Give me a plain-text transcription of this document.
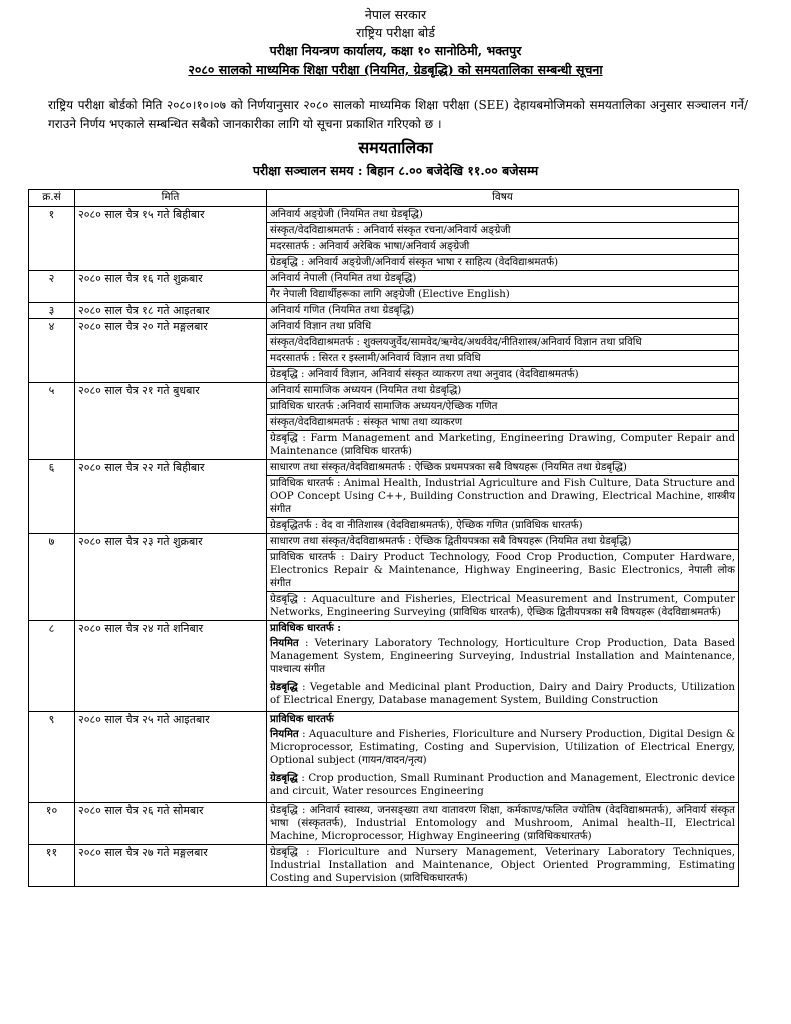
नेपाल सरकार
राष्ट्रिय परीक्षा बोर्ड
परीक्षा नियन्त्रण कार्यालय, कक्षा १० सानोठिमी, भक्तपुर
२०८० सालको माध्यमिक शिक्षा परीक्षा (नियमित, ग्रेडबृद्धि) को समयतालिका सम्बन्धी सूचना
राष्ट्रिय परीक्षा बोर्डको मिति २०८०।१०।०७ को निर्णयानुसार २०८० सालको माध्यमिक शिक्षा परीक्षा (SEE) देहायबमोजिमको समयतालिका अनुसार सञ्चालन गर्ने/गराउने निर्णय भएकाले सम्बन्धित सबैको जानकारीका लागि यो सूचना प्रकाशित गरिएको छ ।
समयतालिका
परीक्षा सञ्चालन समय : बिहान ८.०० बजेदेखि ११.०० बजेसम्म
क्र.सं	मिति	विषय
१	२०८० साल चैत्र १५ गते बिहीबार	अनिवार्य अङ्ग्रेजी (नियमित तथा ग्रेडबृद्धि)
संस्कृत/वेदविद्याश्रमतर्फ : अनिवार्य संस्कृत रचना/अनिवार्य अङ्ग्रेजी
मदरसातर्फ : अनिवार्य अरेबिक भाषा/अनिवार्य अङ्ग्रेजी
ग्रेडबृद्धि : अनिवार्य अङ्ग्रेजी/अनिवार्य संस्कृत भाषा र साहित्य (वेदविद्याश्रमतर्फ)

२	२०८० साल चैत्र १६ गते शुक्रबार	अनिवार्य नेपाली (नियमित तथा ग्रेडबृद्धि)
गैर नेपाली विद्यार्थीहरूका लागि अङ्ग्रेजी (Elective English)

३	२०८० साल चैत्र १८ गते आइतबार	अनिवार्य गणित (नियमित तथा ग्रेडबृद्धि)

४	२०८० साल चैत्र २० गते मङ्गलबार	अनिवार्य विज्ञान तथा प्रविधि
संस्कृत/वेदविद्याश्रमतर्फ : शुक्लयजुर्वेद/सामवेद/ऋग्वेद/अथर्ववेद/नीतिशास्त्र/अनिवार्य विज्ञान तथा प्रविधि
मदरसातर्फ : सिरत र इस्लामी/अनिवार्य विज्ञान तथा प्रविधि
ग्रेडबृद्धि : अनिवार्य विज्ञान, अनिवार्य संस्कृत व्याकरण तथा अनुवाद (वेदविद्याश्रमतर्फ)

५	२०८० साल चैत्र २१ गते बुधबार	अनिवार्य सामाजिक अध्ययन (नियमित तथा ग्रेडबृद्धि)
प्राविधिक धारतर्फ :अनिवार्य सामाजिक अध्ययन/ऐच्छिक गणित
संस्कृत/वेदविद्याश्रमतर्फ : संस्कृत भाषा तथा व्याकरण
ग्रेडबृद्धि : Farm Management and Marketing, Engineering Drawing, Computer Repair and Maintenance (प्राविधिक धारतर्फ)

६	२०८० साल चैत्र २२ गते बिहीबार	साधारण तथा संस्कृत/वेदविद्याश्रमतर्फ : ऐच्छिक प्रथमपत्रका सबै विषयहरू (नियमित तथा ग्रेडबृद्धि)
प्राविधिक धारतर्फ : Animal Health, Industrial Agriculture and Fish Culture, Data Structure and OOP Concept Using C++, Building Construction and Drawing, Electrical Machine, शास्त्रीय संगीत
ग्रेडबृद्धितर्फ : वेद वा नीतिशास्त्र (वेदविद्याश्रमतर्फ), ऐच्छिक गणित (प्राविधिक धारतर्फ)

७	२०८० साल चैत्र २३ गते शुक्रबार	साधारण तथा संस्कृत/वेदविद्याश्रमतर्फ : ऐच्छिक द्वितीयपत्रका सबै विषयहरू (नियमित तथा ग्रेडबृद्धि)
प्राविधिक धारतर्फ : Dairy Product Technology, Food Crop Production, Computer Hardware, Electronics Repair & Maintenance, Highway Engineering, Basic Electronics, नेपाली लोक संगीत
ग्रेडबृद्धि : Aquaculture and Fisheries, Electrical Measurement and Instrument, Computer Networks, Engineering Surveying (प्राविधिक धारतर्फ), ऐच्छिक द्वितीयपत्रका सबै विषयहरू (वेदविद्याश्रमतर्फ)

८	२०८० साल चैत्र २४ गते शनिबार	प्राविधिक धारतर्फ :
नियमित : Veterinary Laboratory Technology, Horticulture Crop Production, Data Based Management System, Engineering Surveying, Industrial Installation and Maintenance, पाश्चात्य संगीत
ग्रेडबृद्धि : Vegetable and Medicinal plant Production, Dairy and Dairy Products, Utilization of Electrical Energy, Database management System, Building Construction

९	२०८० साल चैत्र २५ गते आइतबार	प्राविधिक धारतर्फ
नियमित : Aquaculture and Fisheries, Floriculture and Nursery Production, Digital Design & Microprocessor, Estimating, Costing and Supervision, Utilization of Electrical Energy, Optional subject (गायन/वादन/नृत्य)
ग्रेडबृद्धि : Crop production, Small Ruminant Production and Management, Electronic device and circuit, Water resources Engineering

१०	२०८० साल चैत्र २६ गते सोमबार	ग्रेडबृद्धि : अनिवार्य स्वास्थ्य, जनसङ्ख्या तथा वातावरण शिक्षा, कर्मकाण्ड/फलित ज्योतिष (वेदविद्याश्रमतर्फ), अनिवार्य संस्कृत भाषा (संस्कृततर्फ), Industrial Entomology and Mushroom, Animal health–II, Electrical Machine, Microprocessor, Highway Engineering (प्राविधिकधारतर्फ)

११	२०८० साल चैत्र २७ गते मङ्गलबार	ग्रेडबृद्धि : Floriculture and Nursery Management, Veterinary Laboratory Techniques, Industrial Installation and Maintenance, Object Oriented Programming, Estimating Costing and Supervision (प्राविधिकधारतर्फ)
